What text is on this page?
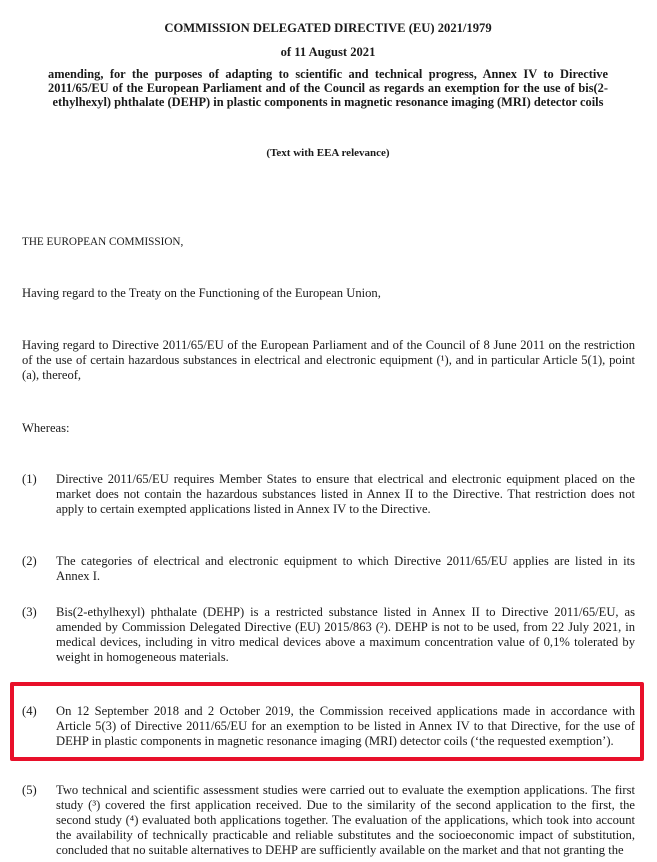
COMMISSION DELEGATED DIRECTIVE (EU) 2021/1979
of 11 August 2021
amending, for the purposes of adapting to scientific and technical progress, Annex IV to Directive 2011/65/EU of the European Parliament and of the Council as regards an exemption for the use of bis(2-ethylhexyl) phthalate (DEHP) in plastic components in magnetic resonance imaging (MRI) detector coils
(Text with EEA relevance)
THE EUROPEAN COMMISSION,
Having regard to the Treaty on the Functioning of the European Union,
Having regard to Directive 2011/65/EU of the European Parliament and of the Council of 8 June 2011 on the restriction of the use of certain hazardous substances in electrical and electronic equipment (¹), and in particular Article 5(1), point (a), thereof,
Whereas:
(1)	Directive 2011/65/EU requires Member States to ensure that electrical and electronic equipment placed on the market does not contain the hazardous substances listed in Annex II to the Directive. That restriction does not apply to certain exempted applications listed in Annex IV to the Directive.
(2)	The categories of electrical and electronic equipment to which Directive 2011/65/EU applies are listed in its Annex I.
(3)	Bis(2-ethylhexyl) phthalate (DEHP) is a restricted substance listed in Annex II to Directive 2011/65/EU, as amended by Commission Delegated Directive (EU) 2015/863 (²). DEHP is not to be used, from 22 July 2021, in medical devices, including in vitro medical devices above a maximum concentration value of 0,1% tolerated by weight in homogeneous materials.
(4)	On 12 September 2018 and 2 October 2019, the Commission received applications made in accordance with Article 5(3) of Directive 2011/65/EU for an exemption to be listed in Annex IV to that Directive, for the use of DEHP in plastic components in magnetic resonance imaging (MRI) detector coils (‘the requested exemption’).
(5)	Two technical and scientific assessment studies were carried out to evaluate the exemption applications. The first study (³) covered the first application received. Due to the similarity of the second application to the first, the second study (⁴) evaluated both applications together. The evaluation of the applications, which took into account the availability of technically practicable and reliable substitutes and the socioeconomic impact of substitution, concluded that no suitable alternatives to DEHP are sufficiently available on the market and that not granting the
